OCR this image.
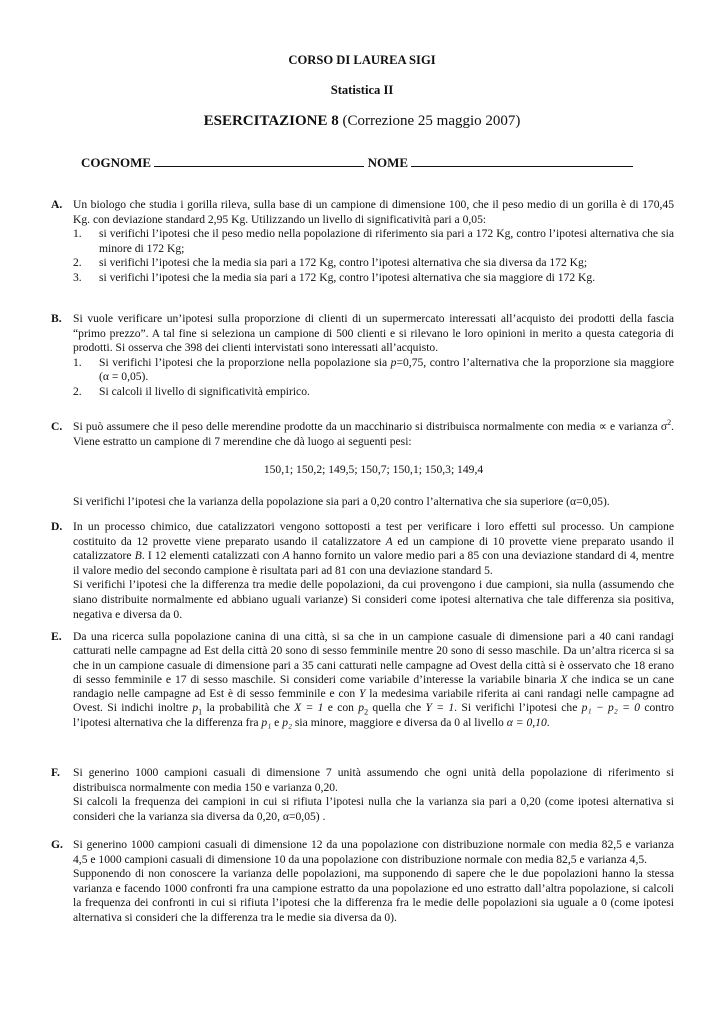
CORSO DI LAUREA SIGI
Statistica II
ESERCITAZIONE 8 (Correzione 25 maggio 2007)
COGNOME	NOME
A. Un biologo che studia i gorilla rileva, sulla base di un campione di dimensione 100, che il peso medio di un gorilla è di 170,45 Kg. con deviazione standard 2,95 Kg. Utilizzando un livello di significatività pari a 0,05:

1. si verifichi l’ipotesi che il peso medio nella popolazione di riferimento sia pari a 172 Kg, contro l’ipotesi alternativa che sia minore di 172 Kg;
2. si verifichi l’ipotesi che la media sia pari a 172 Kg, contro l’ipotesi alternativa che sia diversa da 172 Kg;
3. si verifichi l’ipotesi che la media sia pari a 172 Kg, contro l’ipotesi alternativa che sia maggiore di 172 Kg.
B. Si vuole verificare un’ipotesi sulla proporzione di clienti di un supermercato interessati all’acquisto dei prodotti della fascia “primo prezzo”. A tal fine si seleziona un campione di 500 clienti e si rilevano le loro opinioni in merito a questa categoria di prodotti. Si osserva che 398 dei clienti intervistati sono interessati all’acquisto.

1. Si verifichi l’ipotesi che la proporzione nella popolazione sia p=0,75, contro l’alternativa che la proporzione sia maggiore (α = 0,05).
2. Si calcoli il livello di significatività empirico.
C. Si può assumere che il peso delle merendine prodotte da un macchinario si distribuisca normalmente con media ∝ e varianza $\sigma^2$. Viene estratto un campione di 7 merendine che dà luogo ai seguenti pesi:

150,1; 150,2; 149,5; 150,7; 150,1; 150,3; 149,4

Si verifichi l’ipotesi che la varianza della popolazione sia pari a 0,20 contro l’alternativa che sia superiore (α=0,05).

D. In un processo chimico, due catalizzatori vengono sottoposti a test per verificare i loro effetti sul processo. Un campione costituito da 12 provette viene preparato usando il catalizzatore A ed un campione di 10 provette viene preparato usando il catalizzatore B. I 12 elementi catalizzati con A hanno fornito un valore medio pari a 85 con una deviazione standard di 4, mentre il valore medio del secondo campione è risultata pari ad 81 con una deviazione standard 5.

Si verifichi l’ipotesi che la differenza tra medie delle popolazioni, da cui provengono i due campioni, sia nulla (assumendo che siano distribuite normalmente ed abbiano uguali varianze) Si consideri come ipotesi alternativa che tale differenza sia positiva, negativa e diversa da 0.

E. Da una ricerca sulla popolazione canina di una città, si sa che in un campione casuale di dimensione pari a 40 cani randagi catturati nelle campagne ad Est della città 20 sono di sesso femminile mentre 20 sono di sesso maschile. Da un’altra ricerca si sa che in un campione casuale di dimensione pari a 35 cani catturati nelle campagne ad Ovest della città si è osservato che 18 erano di sesso femminile e 17 di sesso maschile. Si consideri come variabile d’interesse la variabile binaria X che indica se un cane randagio nelle campagne ad Est è di sesso femminile e con Y la medesima variabile riferita ai cani randagi nelle campagne ad Ovest. Si indichi inoltre $p_1$ la probabilità che X = 1 e con $p_2$ quella che Y = 1. Si verifichi l’ipotesi che p₁ − p₂ = 0 contro l’ipotesi alternativa che la differenza fra p₁ e p₂ sia minore, maggiore e diversa da 0 al livello α = 0,10.

F. Si generino 1000 campioni casuali di dimensione 7 unità assumendo che ogni unità della popolazione di riferimento si distribuisca normalmente con media 150 e varianza 0,20.

Si calcoli la frequenza dei campioni in cui si rifiuta l’ipotesi nulla che la varianza sia pari a 0,20 (come ipotesi alternativa si consideri che la varianza sia diversa da 0,20, α=0,05) .

G. Si generino 1000 campioni casuali di dimensione 12 da una popolazione con distribuzione normale con media 82,5 e varianza 4,5 e 1000 campioni casuali di dimensione 10 da una popolazione con distribuzione normale con media 82,5 e varianza 4,5.

Supponendo di non conoscere la varianza delle popolazioni, ma supponendo di sapere che le due popolazioni hanno la stessa varianza e facendo 1000 confronti fra una campione estratto da una popolazione ed uno estratto dall’altra popolazione, si calcoli la frequenza dei confronti in cui si rifiuta l’ipotesi che la differenza fra le medie delle popolazioni sia uguale a 0 (come ipotesi alternativa si consideri che la differenza tra le medie sia diversa da 0).
